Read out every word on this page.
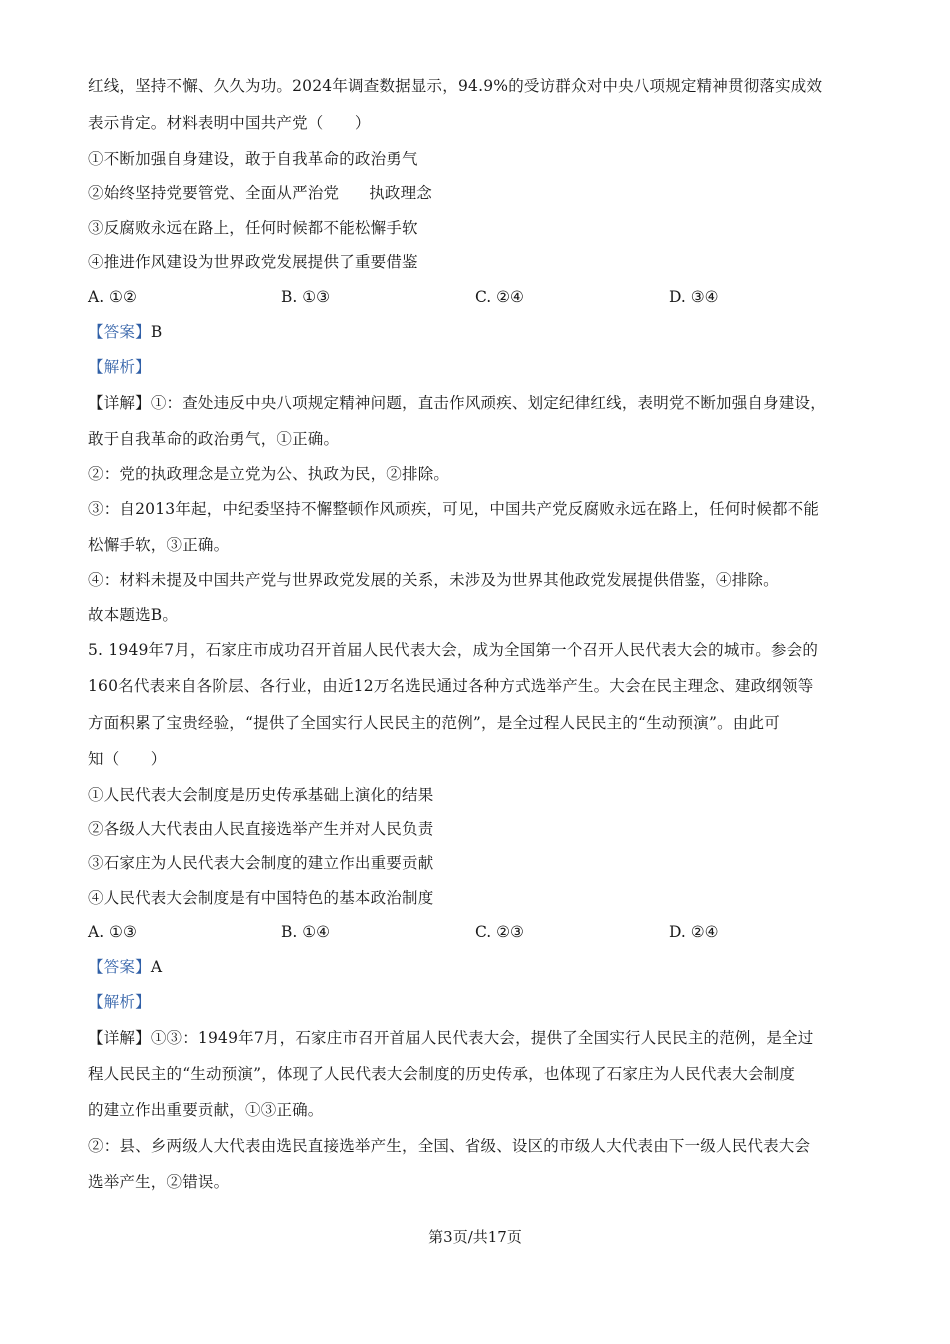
红线，坚持不懈、久久为功。2024年调查数据显示，94.9%的受访群众对中央八项规定精神贯彻落实成效
表示肯定。材料表明中国共产党（　　）
①不断加强自身建设，敢于自我革命的政治勇气
②始终坚持党要管党、全面从严治党 执政理念
③反腐败永远在路上，任何时候都不能松懈手软
④推进作风建设为世界政党发展提供了重要借鉴
A. ①②	B. ①③	C. ②④	D. ③④
【答案】B
【解析】
【详解】①：查处违反中央八项规定精神问题，直击作风顽疾、划定纪律红线，表明党不断加强自身建设，
敢于自我革命的政治勇气，①正确。
②：党的执政理念是立党为公、执政为民，②排除。
③：自2013年起，中纪委坚持不懈整顿作风顽疾，可见，中国共产党反腐败永远在路上，任何时候都不能
松懈手软，③正确。
④：材料未提及中国共产党与世界政党发展的关系，未涉及为世界其他政党发展提供借鉴，④排除。
故本题选B。
5. 1949年7月，石家庄市成功召开首届人民代表大会，成为全国第一个召开人民代表大会的城市。参会的
160名代表来自各阶层、各行业，由近12万名选民通过各种方式选举产生。大会在民主理念、建政纲领等
方面积累了宝贵经验，“提供了全国实行人民民主的范例”，是全过程人民民主的“生动预演”。由此可
知（　　）
①人民代表大会制度是历史传承基础上演化的结果
②各级人大代表由人民直接选举产生并对人民负责
③石家庄为人民代表大会制度的建立作出重要贡献
④人民代表大会制度是有中国特色的基本政治制度
A. ①③	B. ①④	C. ②③	D. ②④
【答案】A
【解析】
【详解】①③：1949年7月，石家庄市召开首届人民代表大会，提供了全国实行人民民主的范例，是全过
程人民民主的“生动预演”，体现了人民代表大会制度的历史传承，也体现了石家庄为人民代表大会制度
的建立作出重要贡献，①③正确。
②：县、乡两级人大代表由选民直接选举产生，全国、省级、设区的市级人大代表由下一级人民代表大会
选举产生，②错误。
第3页/共17页
